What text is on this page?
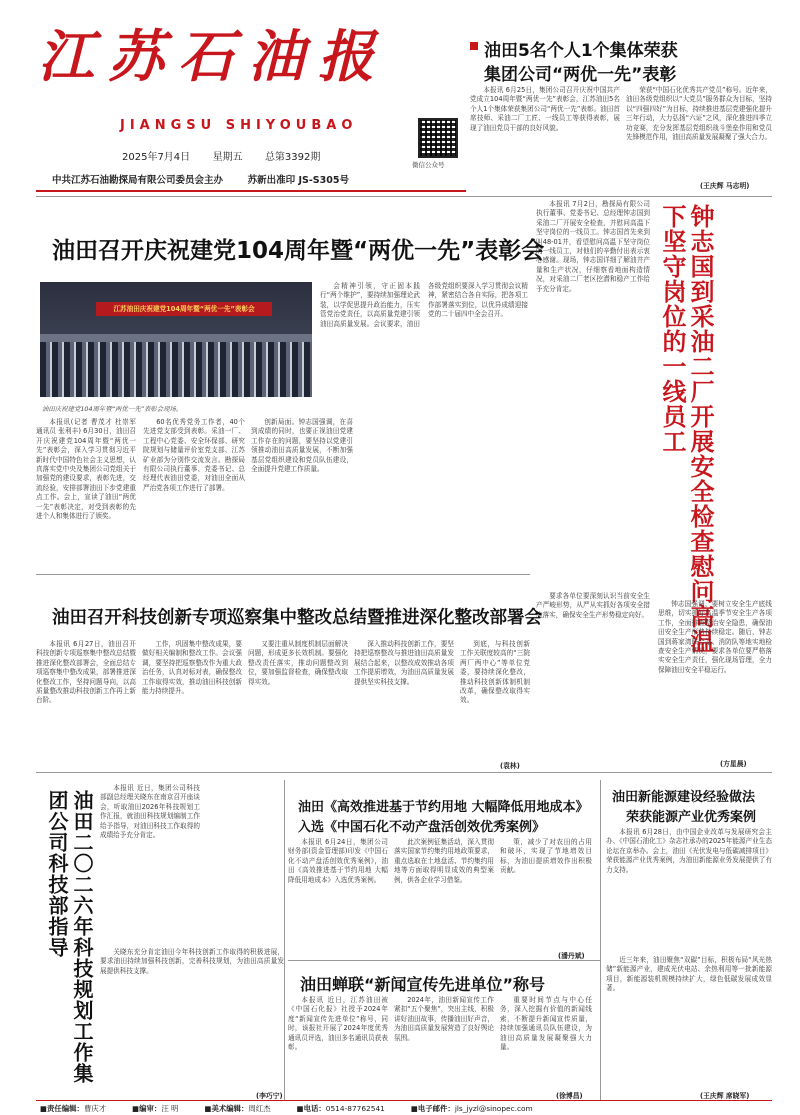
江苏石油报
JIANGSU SHIYOUBAO
2025年7月4日 星期五 总第3392期
微信公众号
中共江苏石油勘探局有限公司委员会主办	苏新出准印 JS-S305号
油田5名个人1个集体荣获
集团公司“两优一先”表彰

本报讯 6月25日，集团公司召开庆祝中国共产党成立104周年暨“两优一先”表彰会，江苏油田5名个人1个集体荣获集团公司“两优一先”表彰。油田首席技师、采油二厂工匠、一线员工等获得表彰，展现了油田党员干部的良好风貌。

荣获“中国石化优秀共产党员”称号。近年来，油田各级党组织以“大党员”服务群众为目标，坚持以“四强四好”为目标，持续推进基层党建强化提升三年行动，大力弘扬“六证”之风，深化推进四季立功竞赛，充分发挥基层党组织战斗堡垒作用和党员先锋模范作用，油田高质量发展凝聚了强大合力。

(王庆辉 马志明)
油田召开庆祝建党104周年暨“两优一先”表彰会
江苏油田庆祝建党104周年暨“两优一先”表彰会
油田庆祝建党104周年暨“两优一先”表彰会现场。

本报讯(记者 曹茂才 杜崇军 通讯员 张利丰) 6月30日，油田召开庆祝建党104周年暨“两优一先”表彰会，深入学习贯彻习近平新时代中国特色社会主义思想，认真落实党中央及集团公司党组关于加强党的建设要求，表彰先进，交流经验，安排部署油田下步党建重点工作。会上，宣读了油田“两优一先”表彰决定，对受到表彰的先进个人和集体进行了颁奖。

60名优秀党务工作者，40个先进党支部受到表彰。采油一厂、工程中心党委、安全环保部、研究院规划与储量评价室党支部、江苏矿业部为分别作交流发言。勘探局有限公司执行董事、党委书记、总经理代表油田党委，对油田全面从严治党各项工作进行了部署。

创新局面。钟志国强调，在喜到成绩的同时，也要正视油田党建工作存在的问题，要坚持以党建引领推动油田高质量发展，不断加强基层党组织建设和党员队伍建设，全面提升党建工作质量。

会精神引领，守正固本践行“两个维护”，要持续加强理论武装，以学促思提升政治能力，压实管党治党责任，以高质量党建引领油田高质量发展。会议要求，油田各级党组织要深入学习贯彻会议精神，紧密结合各自实际，把各项工作部署落实到位，以优异成绩迎接党的二十届四中全会召开。

本报讯 7月2日，勘探局有限公司执行董事、党委书记、总经理钟志国到采油二厂开展安全检查，并慰问高温下坚守岗位的一线员工。钟志国首先来到叫48-01井，看望慰问高温下坚守岗位的一线员工，对他们的辛勤付出表示衷心感谢。现场，钟志国详细了解油井产量和生产状况，仔细察看地面构造情况，对采油二厂老区挖潜和稳产工作给予充分肯定。	钟志国到采油二厂开展安全检查慰问高温下坚守岗位的一线员工

钟志国强调，要树立安全生产底线思维，切实抓好高温季节安全生产各项工作，全面排查整治安全隐患，确保油田安全生产形势持续稳定。随后，钟志国到蒋家湾联合站、消防队等地实地检查安全生产情况，要求各单位要严格落实安全生产责任，强化现场管理，全力保障油田安全平稳运行。

要求各单位要深刻认识当前安全生产严峻形势，从严从实抓好各项安全措施落实，确保安全生产形势稳定向好。

(方星晨)
油田召开科技创新专项巡察集中整改总结暨推进深化整改部署会

本报讯 6月27日，油田召开科技创新专项巡察集中整改总结暨推进深化整改部署会，全面总结专项巡察集中整改成果，部署推进深化整改工作，坚持问题导向，以高质量整改推动科技创新工作再上新台阶。

工作，巩固集中整改成果，要做好相关编制和整改工作。会议强调，要坚持把巡察整改作为重大政治任务，认真对标对表，确保整改工作取得实效，推动油田科技创新能力持续提升。

又要注重从制度机制层面解决问题，形成更多长效机制。要强化整改责任落实，推动问题整改到位，要加强监督检查，确保整改取得实效。

深入推动科技创新工作，要坚持把巡察整改与推进油田高质量发展结合起来，以整改成效推动各项工作提质增效，为油田高质量发展提供坚实科技支撑。

到底，与科技创新工作关联度较高的“三院两厂两中心”等单位党委，要持续深化整改，推动科技创新体制机制改革，确保整改取得实效。

(袁林)
油田二〇二六年科技规划工作集团公司科技部指导

本报讯 近日，集团公司科技部副总经理关晓东在南京召开座谈会，听取油田2026年科技规划工作汇报，就油田科技规划编制工作给予指导，对油田科技工作取得的成绩给予充分肯定。

关晓东充分肯定油田今年科技创新工作取得的积极进展，要求油田持续加强科技创新，完善科技规划，为油田高质量发展提供科技支撑。

(李巧宁)
油田《高效推进基于节约用地 大幅降低用地成本》
入选《中国石化不动产盘活创效优秀案例》

本报讯 6月24日，集团公司财务部(资金管理部)印发《中国石化不动产盘活创效优秀案例》，油田《高效推进基于节约用地 大幅降低用地成本》入选优秀案例。

此次案例征集活动，深入贯彻落实国家节约集约用地政策要求，重点选取在土地盘活、节约集约用地等方面取得明显成效的典型案例，供各企业学习借鉴。

策，减少了对农田的占用和破坏，实现了节地增效目标，为油田提质增效作出积极贡献。

(潘丹斌)
油田蝉联“新闻宣传先进单位”称号

本报讯 近日，江苏油田被《中国石化报》社授予2024年度“新闻宣传先进单位”称号，同时，该报社开展了2024年度优秀通讯员评选，油田多名通讯员获表彰。

2024年，油田新闻宣传工作紧扣“五个聚焦”，突出主线，积极讲好油田故事，传播油田好声音，为油田高质量发展营造了良好舆论氛围。

重要时间节点与中心任务，深入挖掘有价值的新闻线索，不断提升新闻宣传质量，持续加强通讯员队伍建设，为油田高质量发展凝聚强大力量。

(徐博昌)
油田新能源建设经验做法
荣获能源产业优秀案例

本报讯 6月28日，由中国企业改革与发展研究会主办、《中国石油化工》杂志社承办的2025年能源产业生态论坛在京举办。会上，油田《光伏发电与低碳减排项目》荣获能源产业优秀案例，为油田新能源业务发展提供了有力支持。

近三年来，油田聚焦“双碳”目标，积极布局“风光热储”新能源产业，建成光伏电站、余热利用等一批新能源项目，新能源装机规模持续扩大，绿色低碳发展成效显著。

(王庆辉 席晓军)
■责任编辑：曹庆才	■编审：汪 明	■美术编辑：周红杰	■电话：0514-87762541	■电子邮件：jls_jyzl@sinopec.com
